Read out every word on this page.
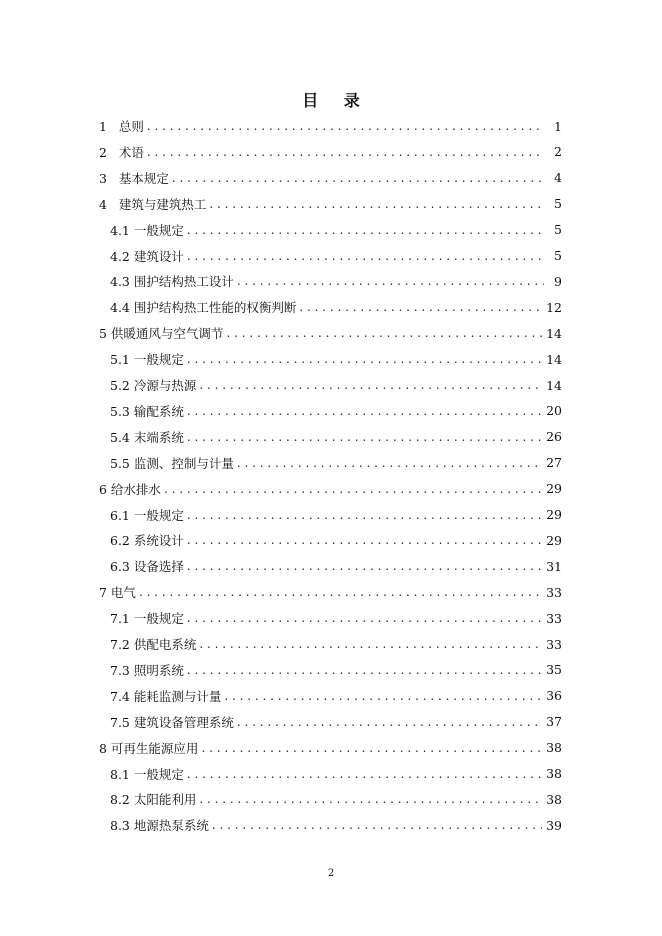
目 录
1   总则 . . .	1
2   术语 . . .	2
3   基本规定 . . .	4
4   建筑与建筑热工 . . .	5
4.1 一般规定 . . .	5
4.2 建筑设计 . . .	5
4.3 围护结构热工设计 . . .	9
4.4 围护结构热工性能的权衡判断 . . .	12
5 供暖通风与空气调节 . . .	14
5.1 一般规定 . . .	14
5.2 冷源与热源 . . .	14
5.3 输配系统 . . .	20
5.4 末端系统 . . .	26
5.5 监测、控制与计量 . . .	27
6 给水排水 . . .	29
6.1 一般规定 . . .	29
6.2 系统设计 . . .	29
6.3 设备选择 . . .	31
7 电气 . . .	33
7.1 一般规定 . . .	33
7.2 供配电系统 . . .	33
7.3 照明系统 . . .	35
7.4 能耗监测与计量 . . .	36
7.5 建筑设备管理系统 . . .	37
8 可再生能源应用 . . .	38
8.1 一般规定 . . .	38
8.2 太阳能利用 . . .	38
8.3 地源热泵系统 . . .	39
2
